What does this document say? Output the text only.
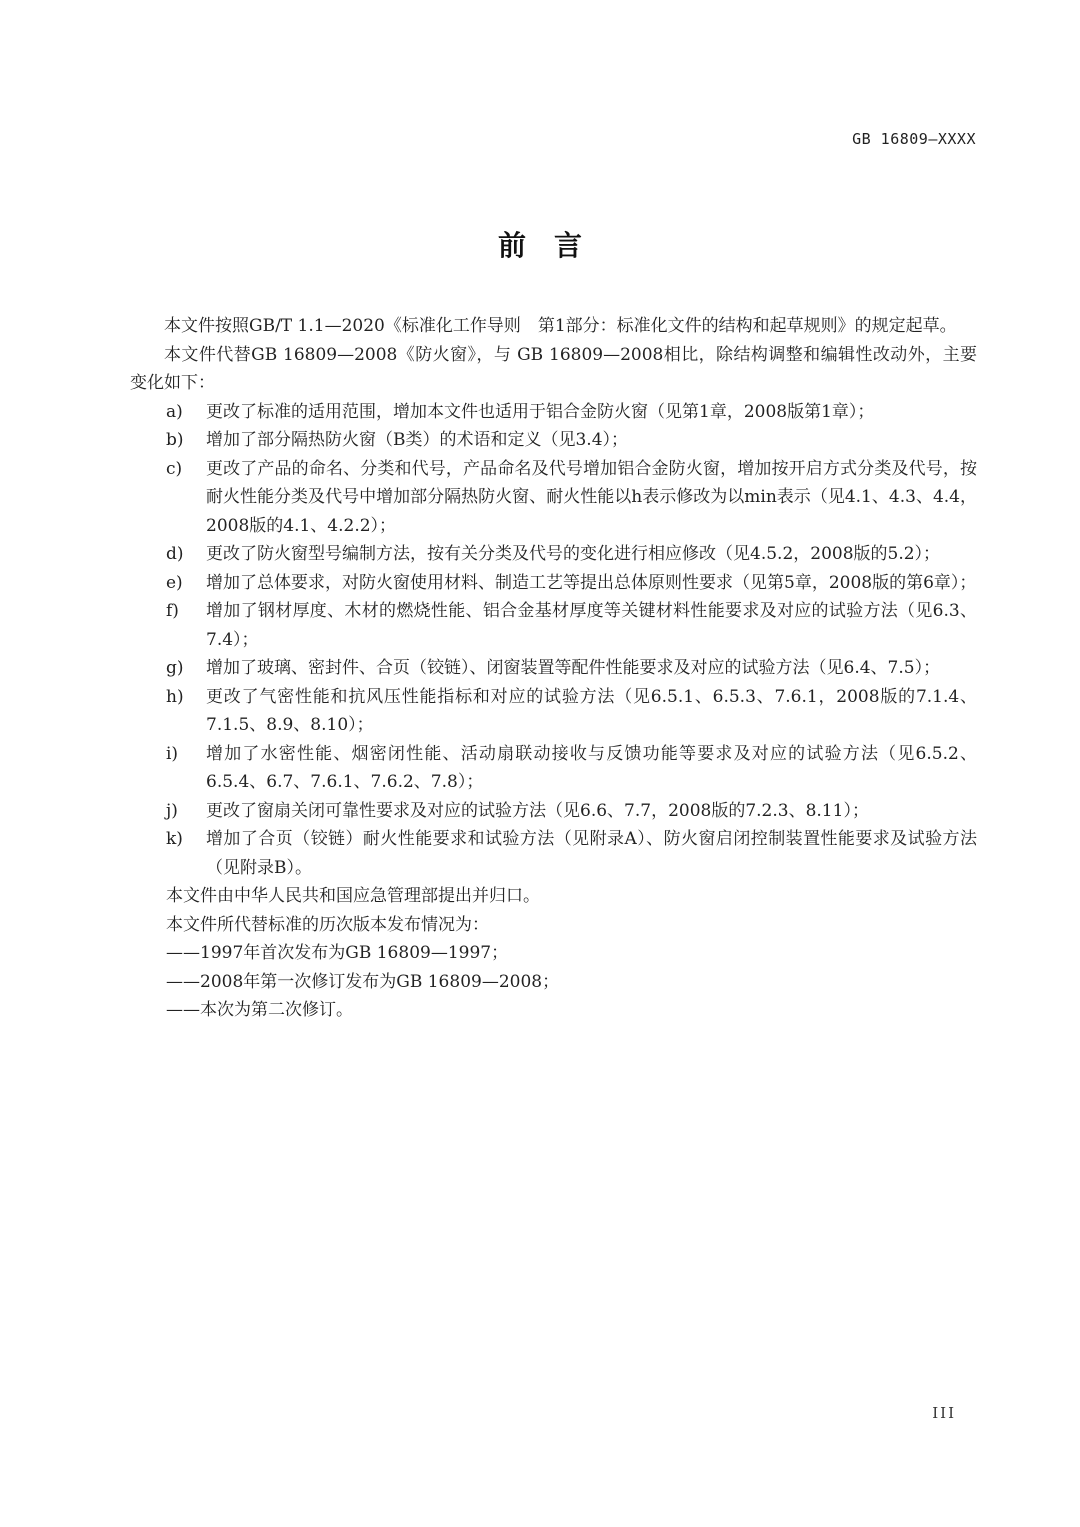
GB 16809—XXXX
前言

本文件按照GB/T 1.1—2020《标准化工作导则　第1部分：标准化文件的结构和起草规则》的规定起草。

本文件代替GB 16809—2008《防火窗》，与 GB 16809—2008相比，除结构调整和编辑性改动外，主要变化如下：

a)	更改了标准的适用范围，增加本文件也适用于铝合金防火窗（见第1章，2008版第1章）；
b)	增加了部分隔热防火窗（B类）的术语和定义（见3.4）；
c)	更改了产品的命名、分类和代号，产品命名及代号增加铝合金防火窗，增加按开启方式分类及代号，按耐火性能分类及代号中增加部分隔热防火窗、耐火性能以h表示修改为以min表示（见4.1、4.3、4.4，2008版的4.1、4.2.2）；
d)	更改了防火窗型号编制方法，按有关分类及代号的变化进行相应修改（见4.5.2，2008版的5.2）；
e)	增加了总体要求，对防火窗使用材料、制造工艺等提出总体原则性要求（见第5章，2008版的第6章）；
f)	增加了钢材厚度、木材的燃烧性能、铝合金基材厚度等关键材料性能要求及对应的试验方法（见6.3、7.4）；
g)	增加了玻璃、密封件、合页（铰链）、闭窗装置等配件性能要求及对应的试验方法（见6.4、7.5）；
h)	更改了气密性能和抗风压性能指标和对应的试验方法（见6.5.1、6.5.3、7.6.1，2008版的7.1.4、7.1.5、8.9、8.10）；
i)	增加了水密性能、烟密闭性能、活动扇联动接收与反馈功能等要求及对应的试验方法（见6.5.2、6.5.4、6.7、7.6.1、7.6.2、7.8）；
j)	更改了窗扇关闭可靠性要求及对应的试验方法（见6.6、7.7，2008版的7.2.3、8.11）；
k)	增加了合页（铰链）耐火性能要求和试验方法（见附录A）、防火窗启闭控制装置性能要求及试验方法（见附录B）。

本文件由中华人民共和国应急管理部提出并归口。

本文件所代替标准的历次版本发布情况为：

——1997年首次发布为GB 16809—1997；

——2008年第一次修订发布为GB 16809—2008；

——本次为第二次修订。

III
